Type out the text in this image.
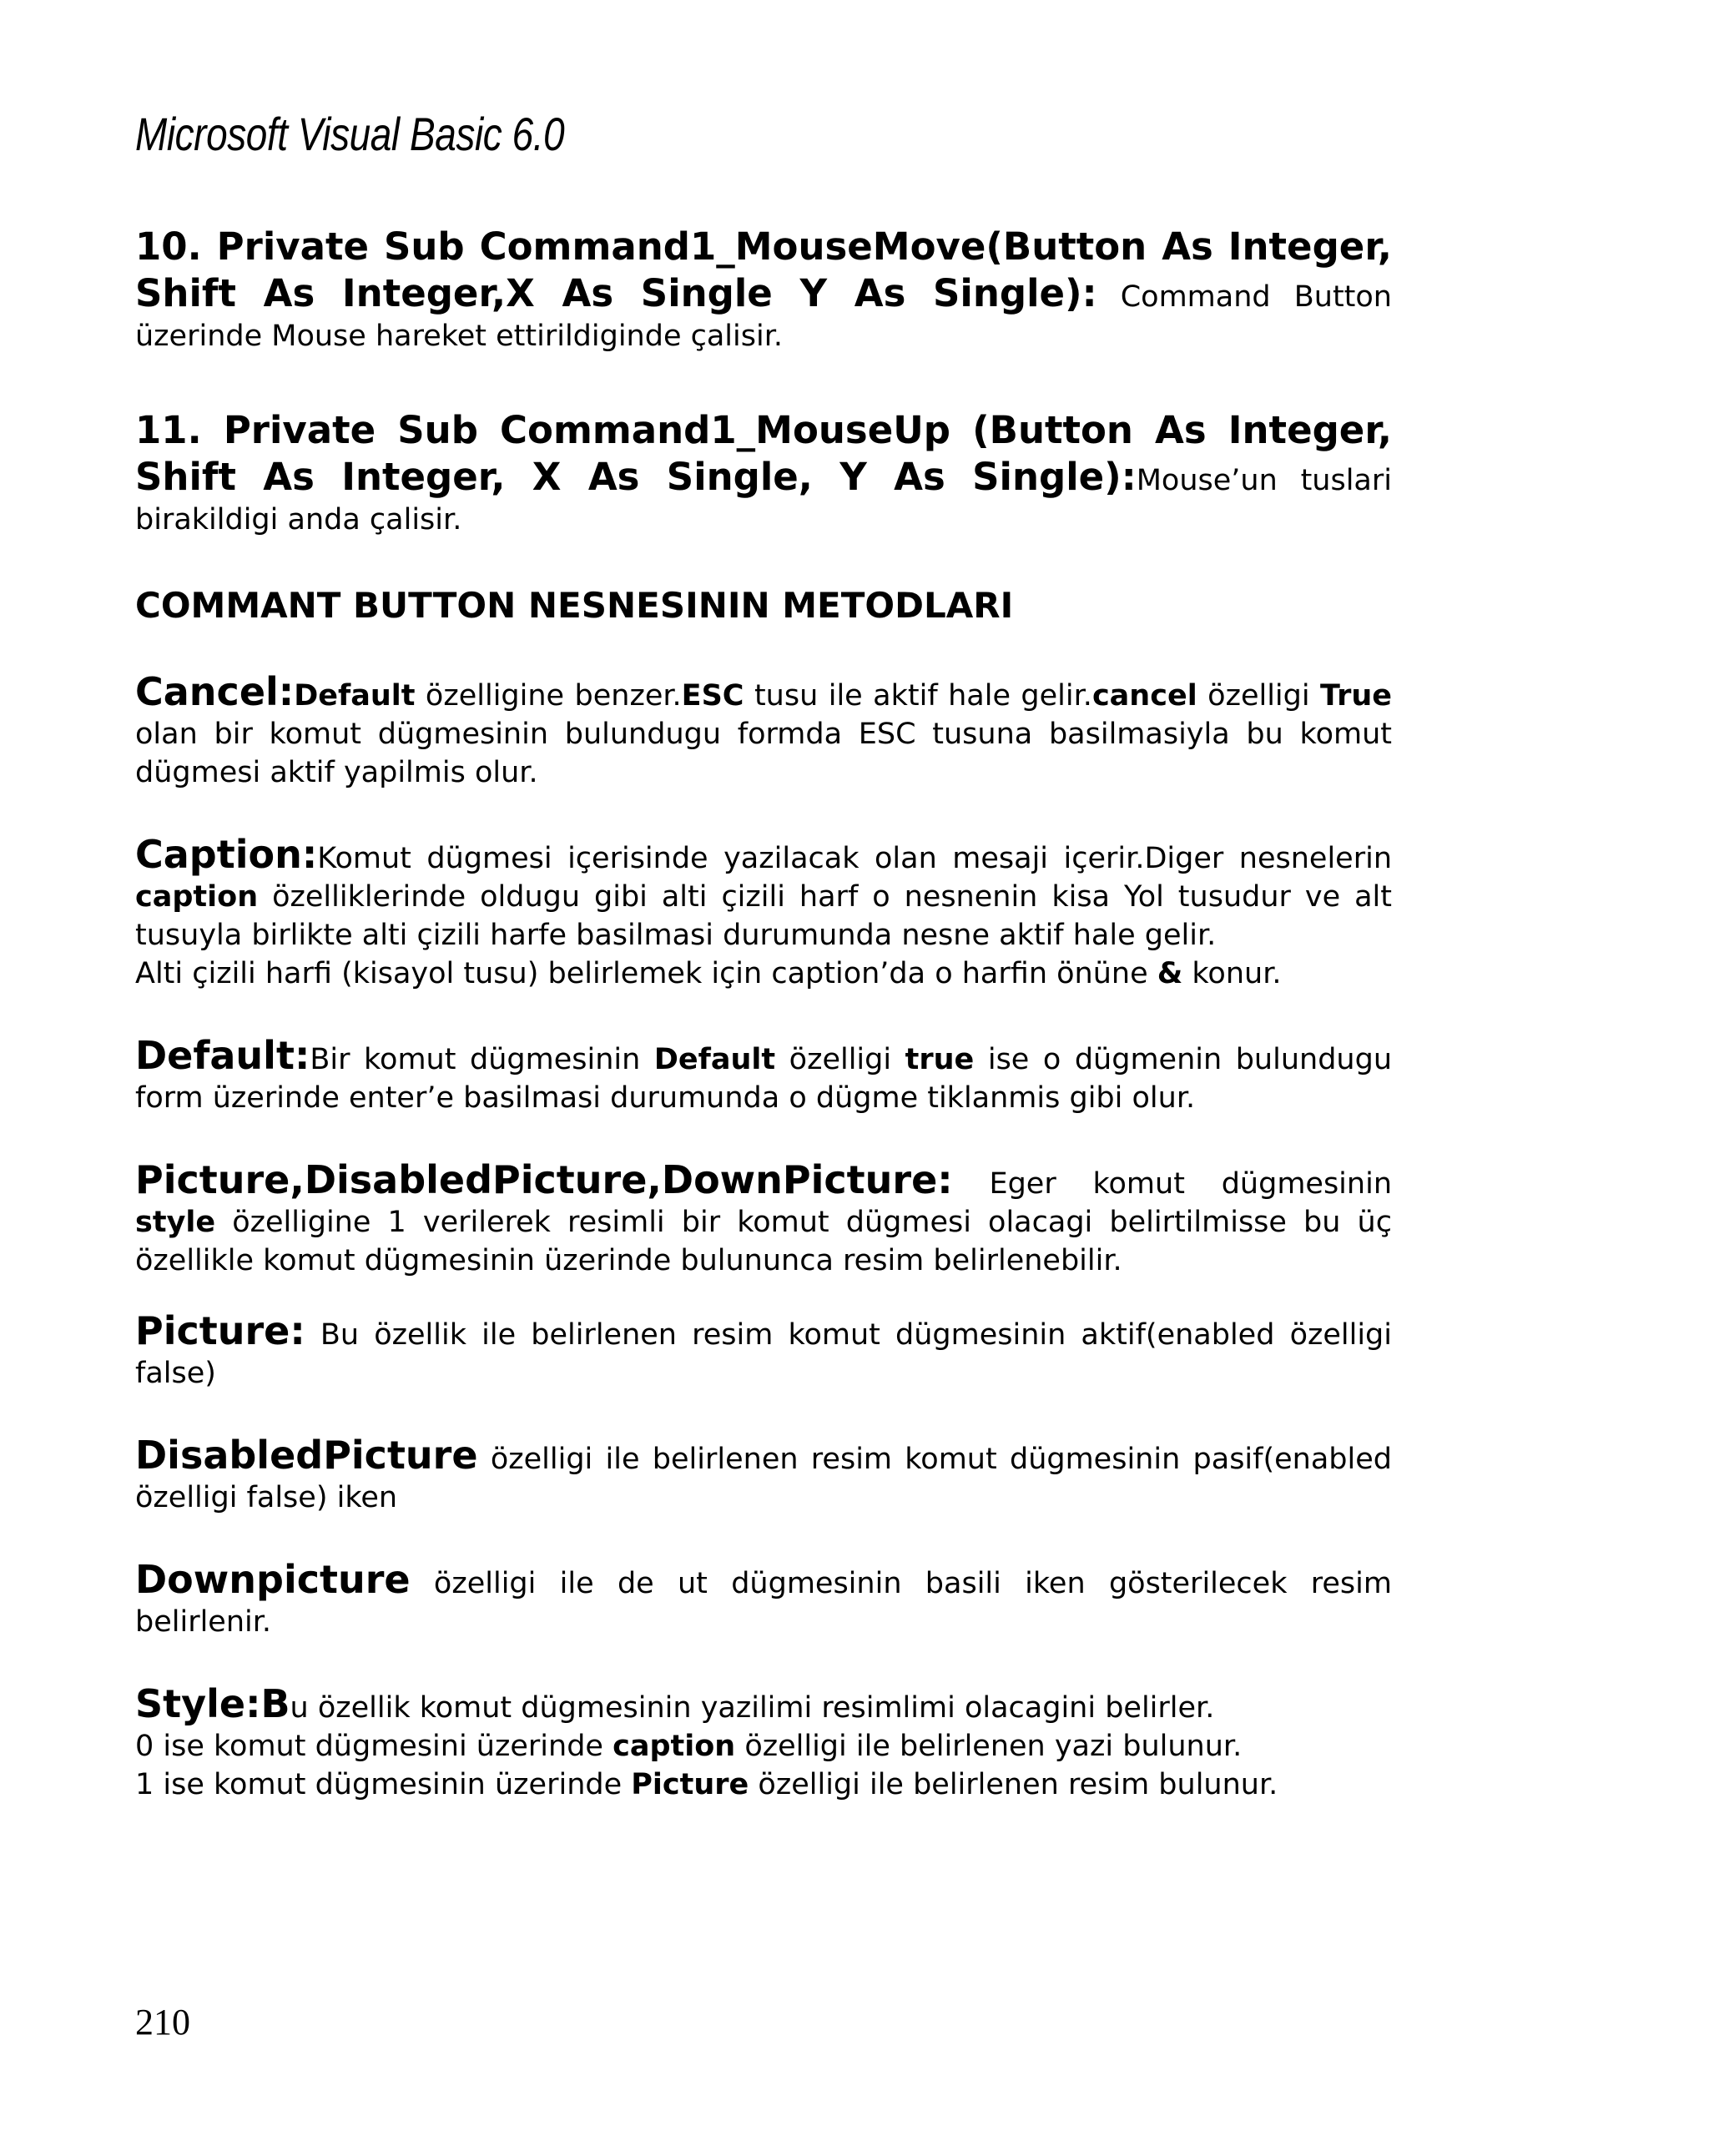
Microsoft Visual Basic 6.0

10. Private Sub Command1_MouseMove(Button As Integer, Shift As Integer,X As Single Y As Single): Command Button üzerinde Mouse hareket ettirildiginde çalisir.

11. Private Sub Command1_MouseUp (Button As Integer, Shift As Integer, X As Single, Y As Single):Mouse’un tuslari birakildigi anda çalisir.

COMMANT BUTTON NESNESININ METODLARI

Cancel:Default özelligine benzer.ESC tusu ile aktif hale gelir.cancel özelligi True olan bir komut dügmesinin bulundugu formda ESC tusuna basilmasiyla bu komut dügmesi aktif yapilmis olur.

Caption:Komut dügmesi içerisinde yazilacak olan mesaji içerir.Diger nesnelerin caption özelliklerinde oldugu gibi alti çizili harf o nesnenin kisa Yol tusudur ve alt tusuyla birlikte alti çizili harfe basilmasi durumunda nesne aktif hale gelir.

Alti çizili harfi (kisayol tusu) belirlemek için caption’da o harfin önüne & konur.

Default:Bir komut dügmesinin Default özelligi true ise o dügmenin bulundugu form üzerinde enter’e basilmasi durumunda o dügme tiklanmis gibi olur.

Picture,DisabledPicture,DownPicture: Eger komut dügmesinin style özelligine 1 verilerek resimli bir komut dügmesi olacagi belirtilmisse bu üç özellikle komut dügmesinin üzerinde bulununca resim belirlenebilir.

Picture: Bu özellik ile belirlenen resim komut dügmesinin aktif(enabled özelligi false)

DisabledPicture özelligi ile belirlenen resim komut dügmesinin pasif(enabled özelligi false) iken

Downpicture özelligi ile de ut dügmesinin basili iken gösterilecek resim belirlenir.

Style:Bu özellik komut dügmesinin yazilimi resimlimi olacagini belirler.

0 ise komut dügmesini üzerinde caption özelligi ile belirlenen yazi bulunur.

1 ise komut dügmesinin üzerinde Picture özelligi ile belirlenen resim bulunur.

210
